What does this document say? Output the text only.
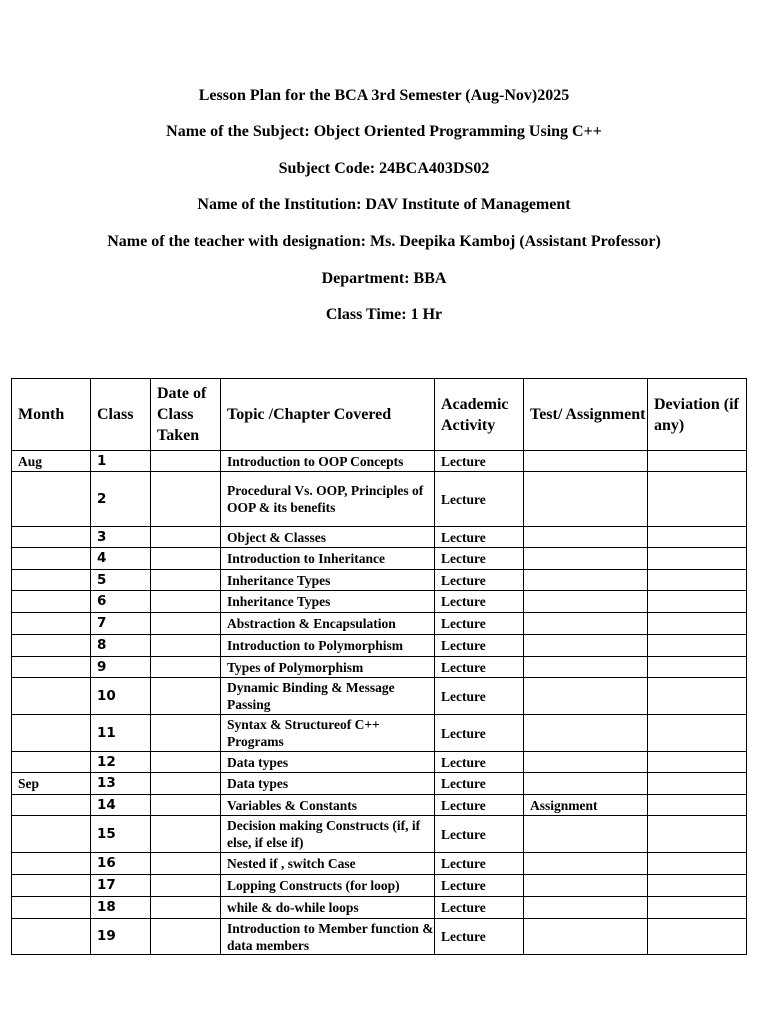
Lesson Plan for the BCA 3rd Semester (Aug-Nov)2025
Name of the Subject: Object Oriented Programming Using C++
Subject Code: 24BCA403DS02
Name of the Institution: DAV Institute of Management
Name of the teacher with designation: Ms. Deepika Kamboj (Assistant Professor)
Department: BBA
Class Time: 1 Hr
Month	Class	Date of Class Taken	Topic /Chapter Covered	Academic Activity	Test/ Assignment	Deviation (if any)
Aug	1		Introduction to OOP Concepts	Lecture		
	2		Procedural Vs. OOP, Principles of OOP & its benefits	Lecture		
	3		Object & Classes	Lecture		
	4		Introduction to Inheritance	Lecture		
	5		Inheritance Types	Lecture		
	6		Inheritance Types	Lecture		
	7		Abstraction & Encapsulation	Lecture		
	8		Introduction to Polymorphism	Lecture		
	9		Types of Polymorphism	Lecture		
	10		Dynamic Binding & Message Passing	Lecture		
	11		Syntax & Structureof C++ Programs	Lecture		
	12		Data types	Lecture		
Sep	13		Data types	Lecture		
	14		Variables & Constants	Lecture	Assignment	
	15		Decision making Constructs (if, if else, if else if)	Lecture		
	16		Nested if , switch Case	Lecture		
	17		Lopping Constructs (for loop)	Lecture		
	18		while & do-while loops	Lecture		
	19		Introduction to Member function & data members	Lecture		
